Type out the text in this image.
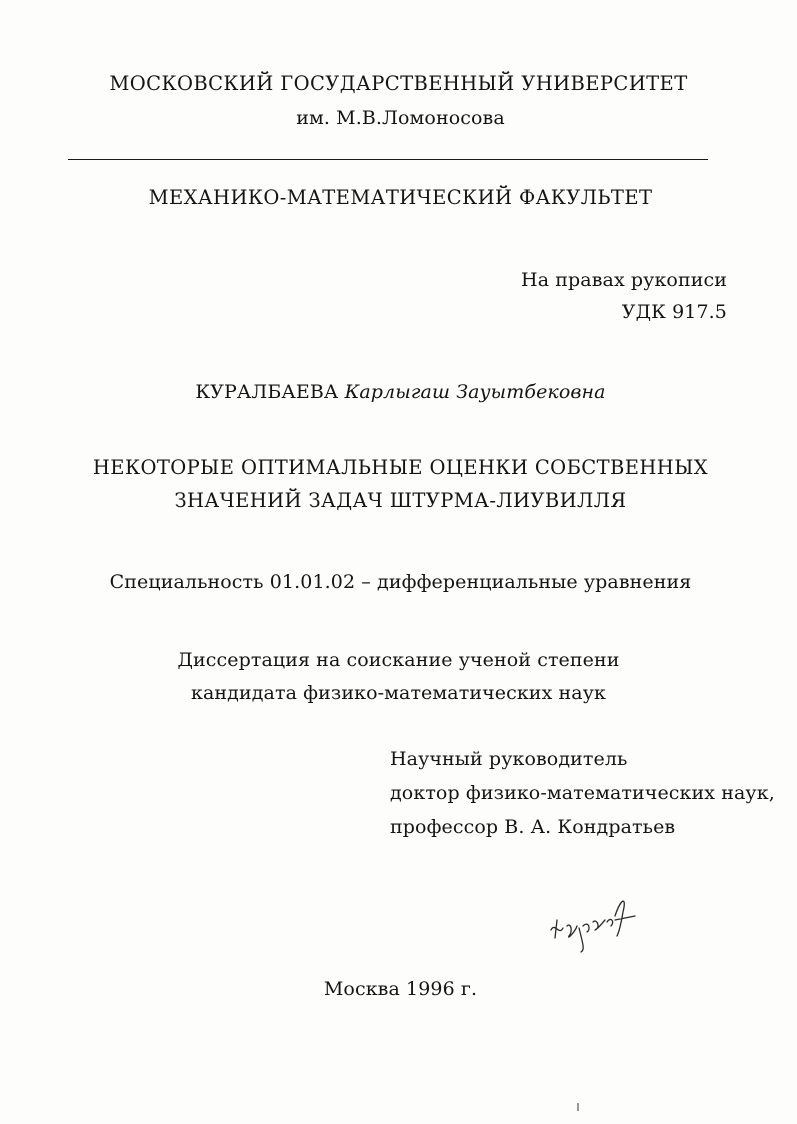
МОСКОВСКИЙ ГОСУДАРСТВЕННЫЙ УНИВЕРСИТЕТ
им. М.В.Ломоносова
МЕХАНИКО-МАТЕМАТИЧЕСКИЙ ФАКУЛЬТЕТ
На правах рукописи
УДК 917.5
КУРАЛБАЕВА Карлыгаш Зауытбековна
НЕКОТОРЫЕ ОПТИМАЛЬНЫЕ ОЦЕНКИ СОБСТВЕННЫХ
ЗНАЧЕНИЙ ЗАДАЧ ШТУРМА-ЛИУВИЛЛЯ
Специальность 01.01.02 – дифференциальные уравнения
Диссертация на соискание ученой степени
кандидата физико-математических наук
Научный руководитель
доктор физико-математических наук,
профессор В. А. Кондратьев
Москва 1996 г.
